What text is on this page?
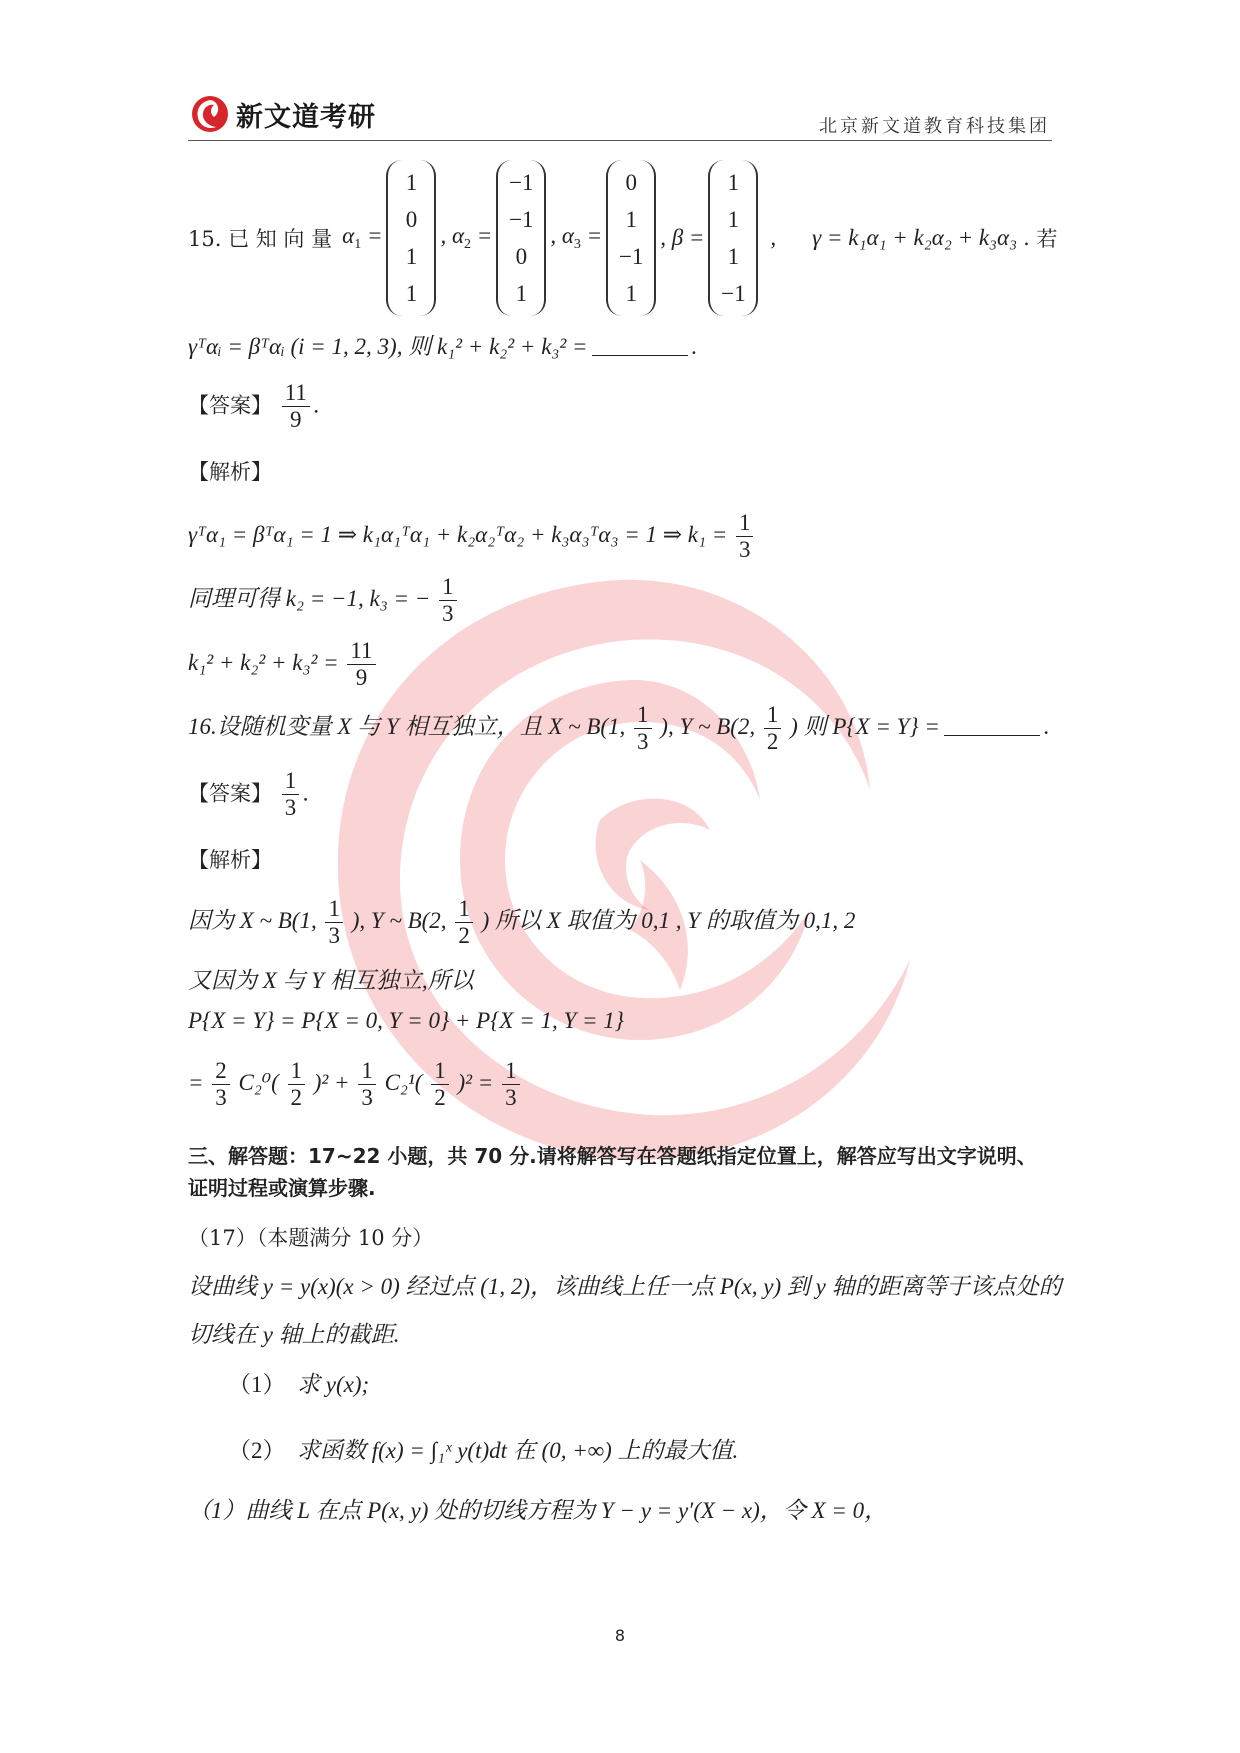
新文道考研	北京新文道教育科技集团
15. 已 知 向 量 $\alpha_1$ =
1
0
1
1
, $\alpha_2$ =
−1
−1
0
1
, $\alpha_3$ =
0
1
−1
1
, β =
1
1
1
−1
, γ = k₁α₁ + k₂α₂ + k₃α₃ . 若
γᵀαᵢ = βᵀαᵢ (i = 1, 2, 3), 则 k₁² + k₂² + k₃² =	.
【答案】 $\frac{11}{9}$ .
【解析】
γᵀα₁ = βᵀα₁ = 1 ⇒ k₁α₁ᵀα₁ + k₂α₂ᵀα₂ + k₃α₃ᵀα₃ = 1 ⇒ $k_1 = \frac{1}{3}$
同理可得 k₂ = −1, k₃ = − $\frac{1}{3}$
$k_1^2 + k_2^2 + k_3^2 = \frac{11}{9}$
16.设随机变量 X 与 Y 相互独立，且 X ~ B(1, $\frac{1}{3}$ ), Y ~ B(2, $\frac{1}{2}$ ) 则 P{X = Y} =	.
【答案】 $\frac{1}{3}$ .
【解析】
因为 X ~ B(1, $\frac{1}{3}$ ), Y ~ B(2, $\frac{1}{2}$ ) 所以 X 取值为 0,1 , Y 的取值为 0,1, 2
又因为 X 与 Y 相互独立,所以
P{X = Y} = P{X = 0, Y = 0} + P{X = 1, Y = 1}
= $\frac{2}{3} C_2^0( \frac{1}{2} )^2 + \frac{1}{3} C_2^1( \frac{1}{2} )^2 = \frac{1}{3}$
三、解答题：17~22 小题，共 70 分.请将解答写在答题纸指定位置上，解答应写出文字说明、
证明过程或演算步骤.
（17）（本题满分 10 分）
设曲线 y = y(x)(x > 0) 经过点 (1, 2)，该曲线上任一点 P(x, y) 到 y 轴的距离等于该点处的
切线在 y 轴上的截距.
（1） 求 y(x);
（2） 求函数 f(x) = ∫₁ˣ y(t)dt 在 (0, +∞) 上的最大值.
（1）曲线 L 在点 P(x, y) 处的切线方程为 Y − y = y′(X − x)，令 X = 0，
8
